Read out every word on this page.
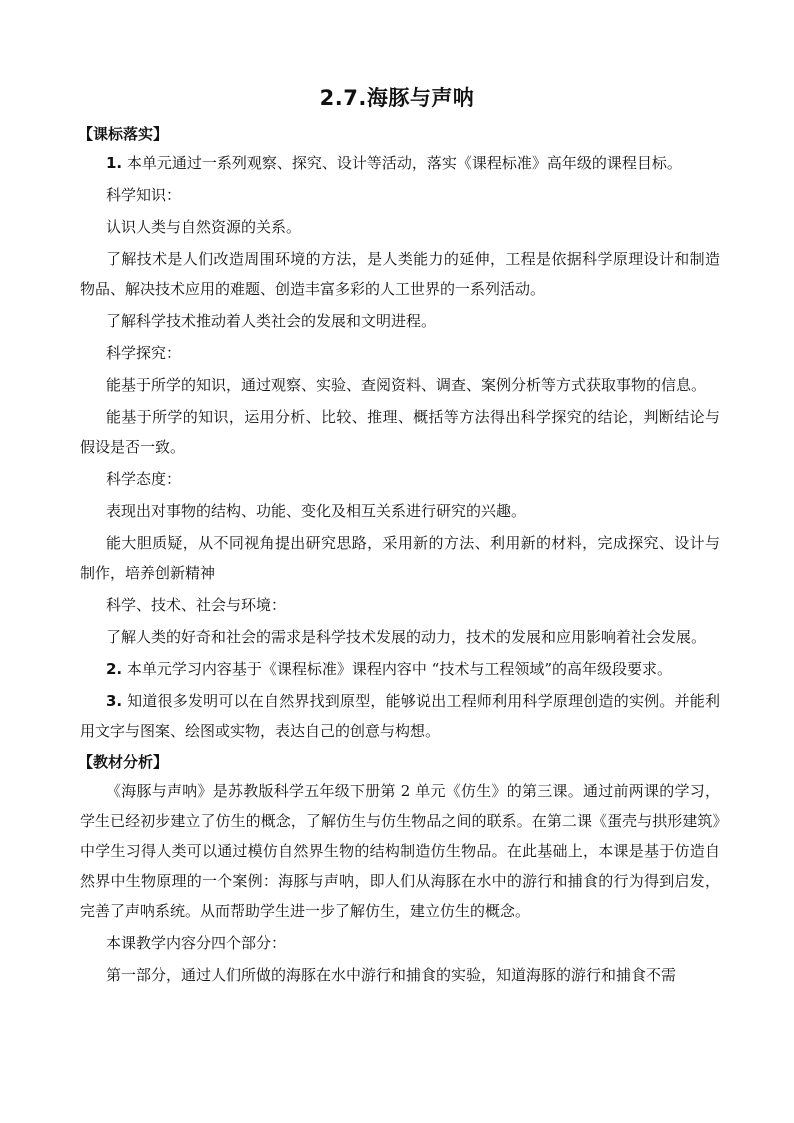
2.7.海豚与声呐
【课标落实】

1. 本单元通过一系列观察、探究、设计等活动，落实《课程标准》高年级的课程目标。

科学知识：

认识人类与自然资源的关系。

了解技术是人们改造周围环境的方法，是人类能力的延伸，工程是依据科学原理设计和制造物品、解决技术应用的难题、创造丰富多彩的人工世界的一系列活动。

了解科学技术推动着人类社会的发展和文明进程。

科学探究：

能基于所学的知识，通过观察、实验、查阅资料、调查、案例分析等方式获取事物的信息。

能基于所学的知识，运用分析、比较、推理、概括等方法得出科学探究的结论，判断结论与假设是否一致。

科学态度：

表现出对事物的结构、功能、变化及相互关系进行研究的兴趣。

能大胆质疑，从不同视角提出研究思路，采用新的方法、利用新的材料，完成探究、设计与制作，培养创新精神

科学、技术、社会与环境：

了解人类的好奇和社会的需求是科学技术发展的动力，技术的发展和应用影响着社会发展。

2. 本单元学习内容基于《课程标准》课程内容中 “技术与工程领域”的高年级段要求。

3. 知道很多发明可以在自然界找到原型，能够说出工程师利用科学原理创造的实例。并能利用文字与图案、绘图或实物，表达自己的创意与构想。

【教材分析】

《海豚与声呐》是苏教版科学五年级下册第 2 单元《仿生》的第三课。通过前两课的学习，学生已经初步建立了仿生的概念，了解仿生与仿生物品之间的联系。在第二课《蛋壳与拱形建筑》中学生习得人类可以通过模仿自然界生物的结构制造仿生物品。在此基础上，本课是基于仿造自然界中生物原理的一个案例：海豚与声呐，即人们从海豚在水中的游行和捕食的行为得到启发，完善了声呐系统。从而帮助学生进一步了解仿生，建立仿生的概念。

本课教学内容分四个部分：

第一部分，通过人们所做的海豚在水中游行和捕食的实验，知道海豚的游行和捕食不需
